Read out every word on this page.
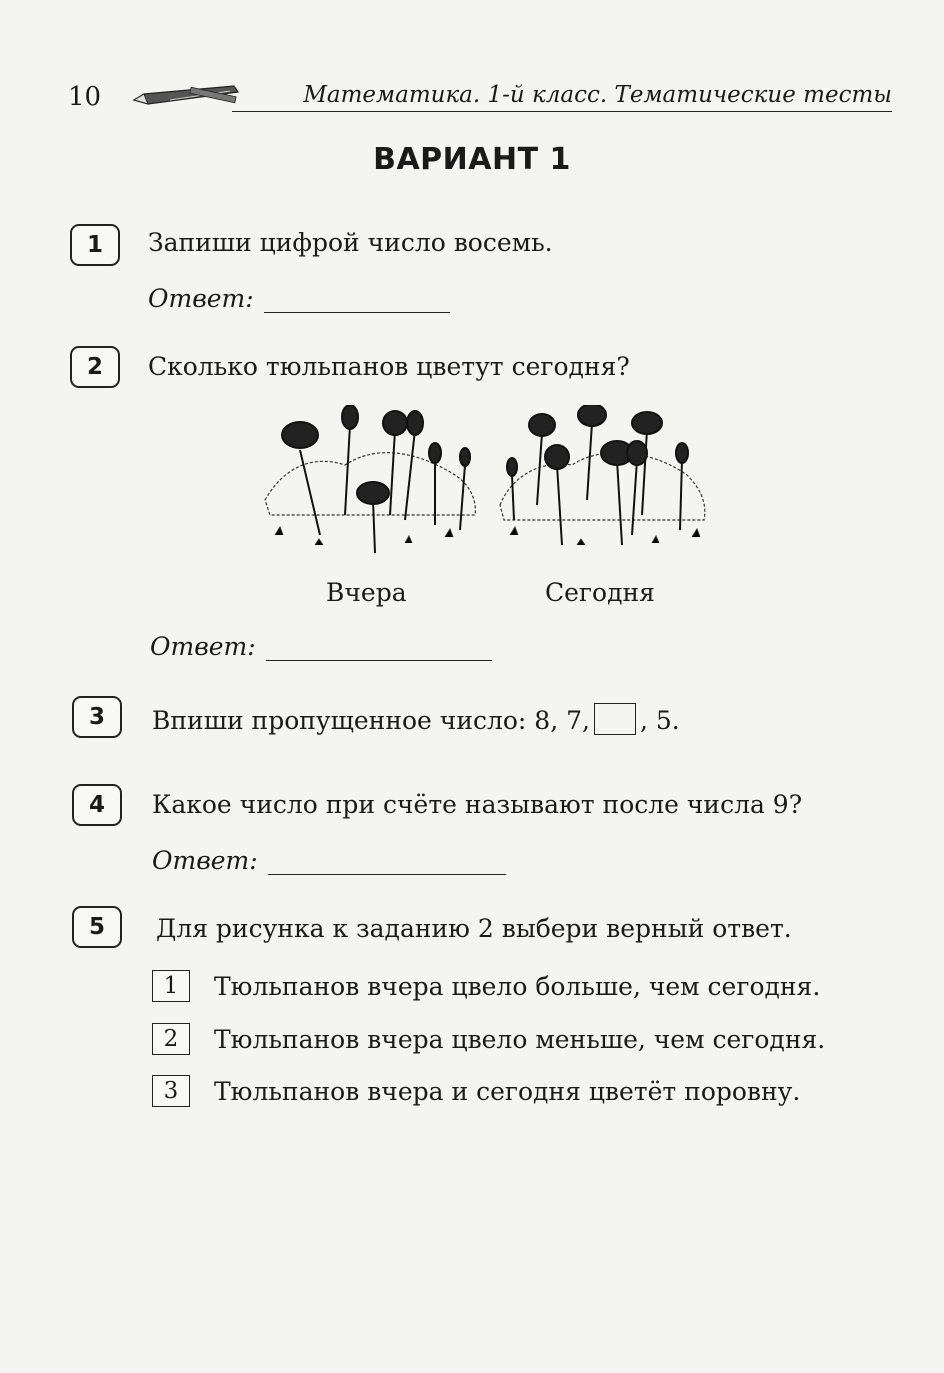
10	Математика. 1-й класс. Тематические тесты
ВАРИАНТ 1
1	Запиши цифрой число восемь.
Ответ:
2	Сколько тюльпанов цветут сегодня?
Вчера	Сегодня
Ответ:
3	Впиши пропущенное число: 8, 7, , 5.
4	Какое число при счёте называют после числа 9?
Ответ:
5	Для рисунка к заданию 2 выбери верный ответ.
1	Тюльпанов вчера цвело больше, чем сегодня.
2	Тюльпанов вчера цвело меньше, чем сегодня.
3	Тюльпанов вчера и сегодня цветёт поровну.
